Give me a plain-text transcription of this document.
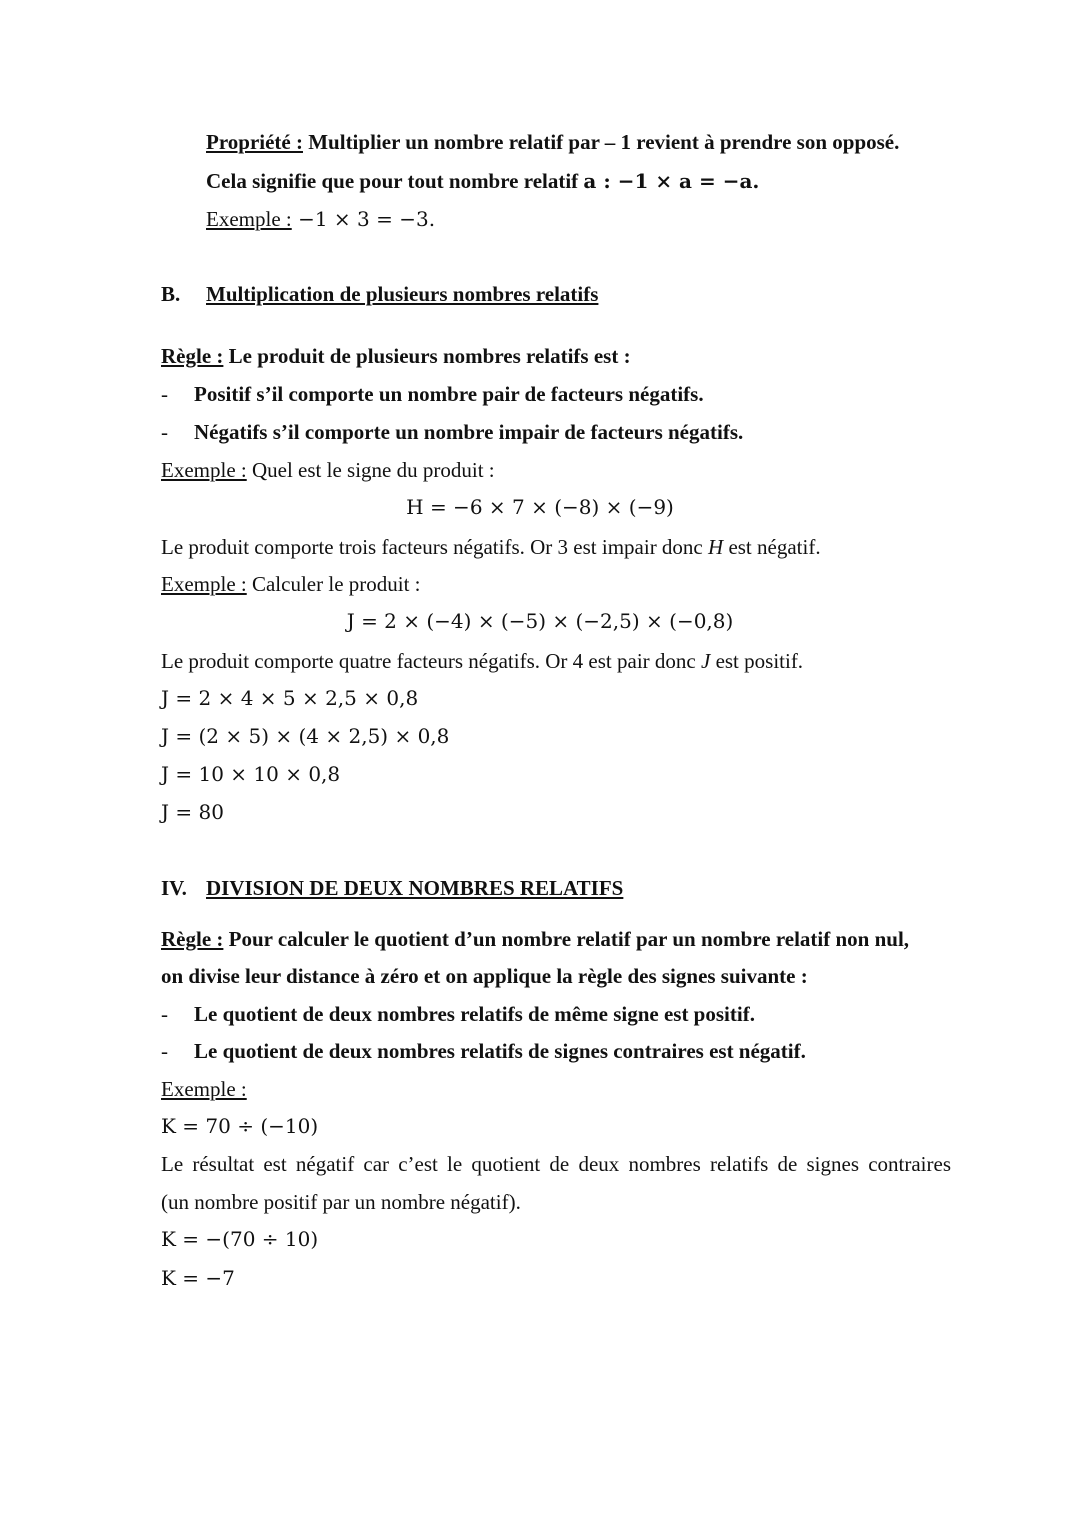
Propriété : Multiplier un nombre relatif par – 1 revient à prendre son opposé.
Cela signifie que pour tout nombre relatif a : −1 × a = −a.
Exemple : −1 × 3 = −3.
B. Multiplication de plusieurs nombres relatifs
Règle : Le produit de plusieurs nombres relatifs est :
- Positif s’il comporte un nombre pair de facteurs négatifs.
- Négatifs s’il comporte un nombre impair de facteurs négatifs.
Exemple : Quel est le signe du produit :
H = −6 × 7 × (−8) × (−9)
Le produit comporte trois facteurs négatifs. Or 3 est impair donc H est négatif.
Exemple : Calculer le produit :
J = 2 × (−4) × (−5) × (−2,5) × (−0,8)
Le produit comporte quatre facteurs négatifs. Or 4 est pair donc J est positif.
J = 2 × 4 × 5 × 2,5 × 0,8
J = (2 × 5) × (4 × 2,5) × 0,8
J = 10 × 10 × 0,8
J = 80
IV. DIVISION DE DEUX NOMBRES RELATIFS
Règle : Pour calculer le quotient d’un nombre relatif par un nombre relatif non nul,
on divise leur distance à zéro et on applique la règle des signes suivante :
- Le quotient de deux nombres relatifs de même signe est positif.
- Le quotient de deux nombres relatifs de signes contraires est négatif.
Exemple :
K = 70 ÷ (−10)
Le résultat est négatif car c’est le quotient de deux nombres relatifs de signes contraires
(un nombre positif par un nombre négatif).
K = −(70 ÷ 10)
K = −7
